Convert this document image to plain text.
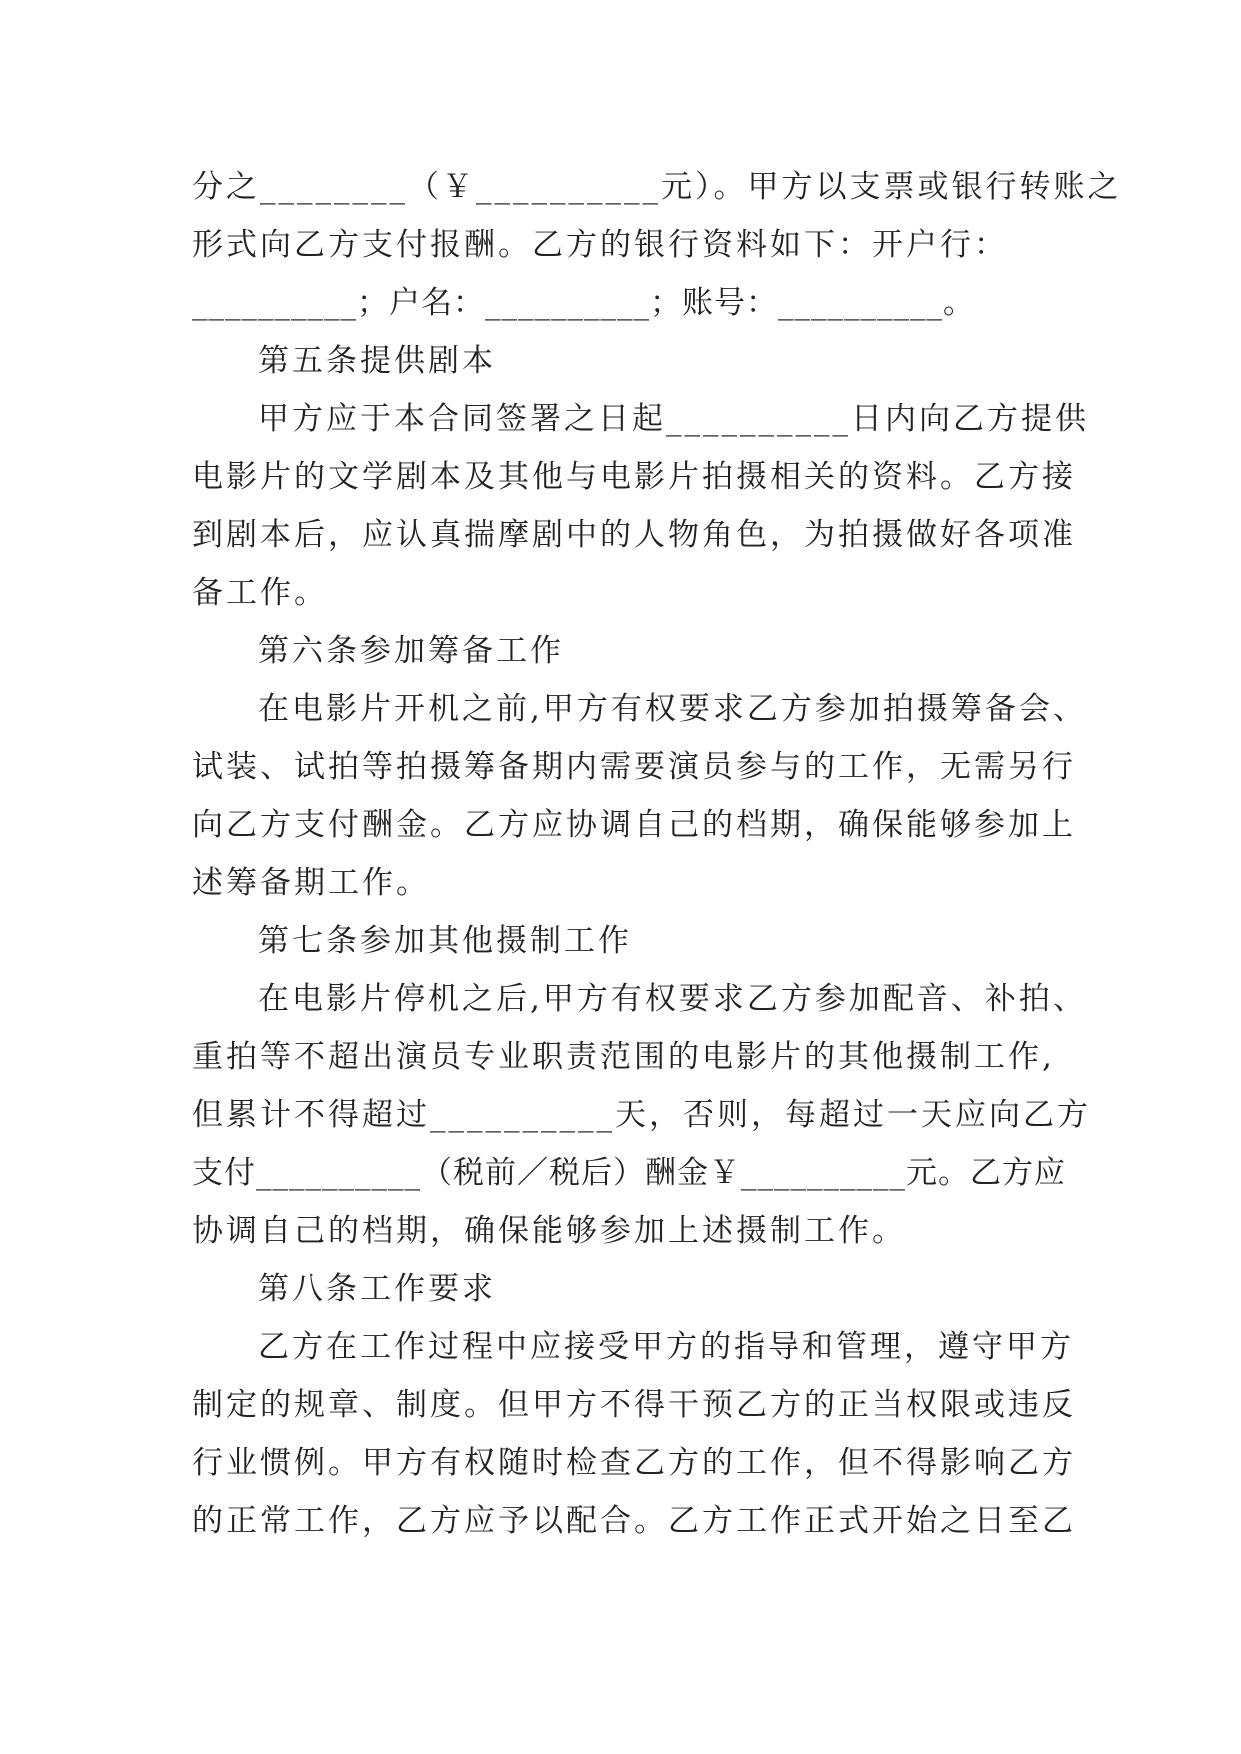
分之________（￥__________元）。甲方以支票或银行转账之
形式向乙方支付报酬。乙方的银行资料如下：开户行：
__________；户名：__________；账号：__________。
第五条提供剧本
甲方应于本合同签署之日起__________日内向乙方提供
电影片的文学剧本及其他与电影片拍摄相关的资料。乙方接
到剧本后，应认真揣摩剧中的人物角色，为拍摄做好各项准
备工作。
第六条参加筹备工作
在电影片开机之前,甲方有权要求乙方参加拍摄筹备会、
试装、试拍等拍摄筹备期内需要演员参与的工作，无需另行
向乙方支付酬金。乙方应协调自己的档期，确保能够参加上
述筹备期工作。
第七条参加其他摄制工作
在电影片停机之后,甲方有权要求乙方参加配音、补拍、
重拍等不超出演员专业职责范围的电影片的其他摄制工作,
但累计不得超过__________天，否则，每超过一天应向乙方
支付__________（税前／税后）酬金￥__________元。乙方应
协调自己的档期，确保能够参加上述摄制工作。
第八条工作要求
乙方在工作过程中应接受甲方的指导和管理，遵守甲方
制定的规章、制度。但甲方不得干预乙方的正当权限或违反
行业惯例。甲方有权随时检查乙方的工作，但不得影响乙方
的正常工作，乙方应予以配合。乙方工作正式开始之日至乙
